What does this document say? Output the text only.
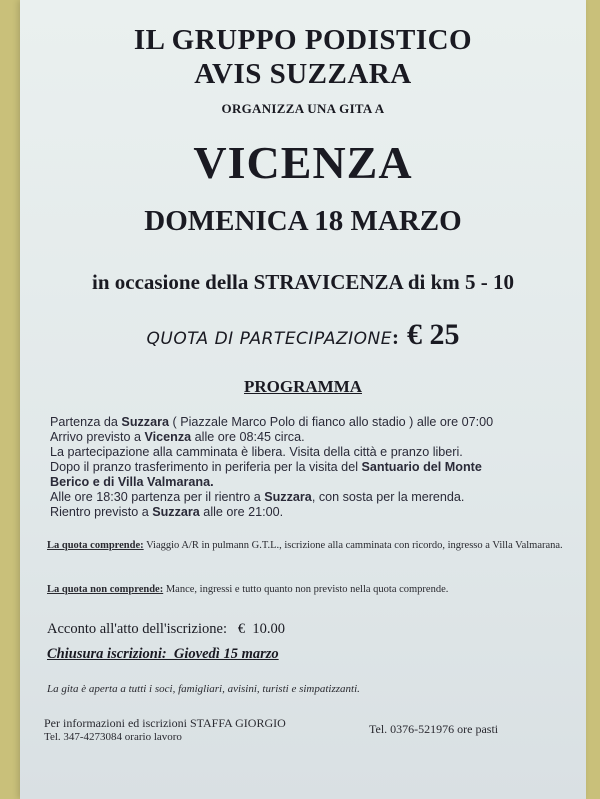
IL GRUPPO PODISTICO
AVIS SUZZARA
ORGANIZZA UNA GITA A
VICENZA
DOMENICA 18 MARZO
in occasione della STRAVICENZA di km 5 - 10
QUOTA DI PARTECIPAZIONE: € 25
PROGRAMMA
Partenza da Suzzara ( Piazzale Marco Polo di fianco allo stadio ) alle ore 07:00
Arrivo previsto a Vicenza alle ore 08:45 circa.
La partecipazione alla camminata è libera. Visita della città e pranzo liberi.
Dopo il pranzo trasferimento in periferia per la visita del Santuario del Monte
Berico e di Villa Valmarana.
Alle ore 18:30 partenza per il rientro a Suzzara, con sosta per la merenda.
Rientro previsto a Suzzara alle ore 21:00.
La quota comprende: Viaggio A/R in pulmann G.T.L., iscrizione alla camminata con ricordo, ingresso a Villa Valmarana.
La quota non comprende: Mance, ingressi e tutto quanto non previsto nella quota comprende.
Acconto all'atto dell'iscrizione:   €  10.00
Chiusura iscrizioni:  Giovedì 15 marzo
La gita è aperta a tutti i soci, famigliari, avisini, turisti e simpatizzanti.
Per informazioni ed iscrizioni STAFFA GIORGIO
Tel. 347-4273084 orario lavoro
Tel. 0376-521976 ore pasti
